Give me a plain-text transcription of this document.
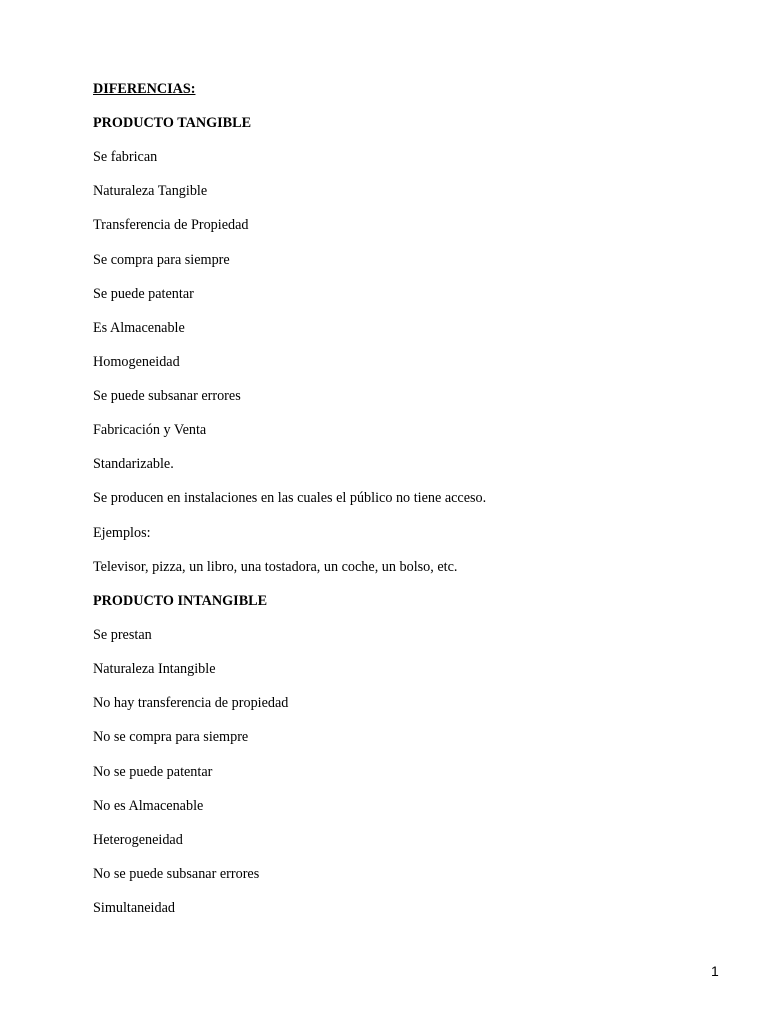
DIFERENCIAS:
PRODUCTO TANGIBLE
Se fabrican
Naturaleza Tangible
Transferencia de Propiedad
Se compra para siempre
Se puede patentar
Es Almacenable
Homogeneidad
Se puede subsanar errores
Fabricación y Venta
Standarizable.
Se producen en instalaciones en las cuales el público no tiene acceso.
Ejemplos:
Televisor, pizza, un libro, una tostadora, un coche, un bolso, etc.
PRODUCTO INTANGIBLE
Se prestan
Naturaleza Intangible
No hay transferencia de propiedad
No se compra para siempre
No se puede patentar
No es Almacenable
Heterogeneidad
No se puede subsanar errores
Simultaneidad
1
